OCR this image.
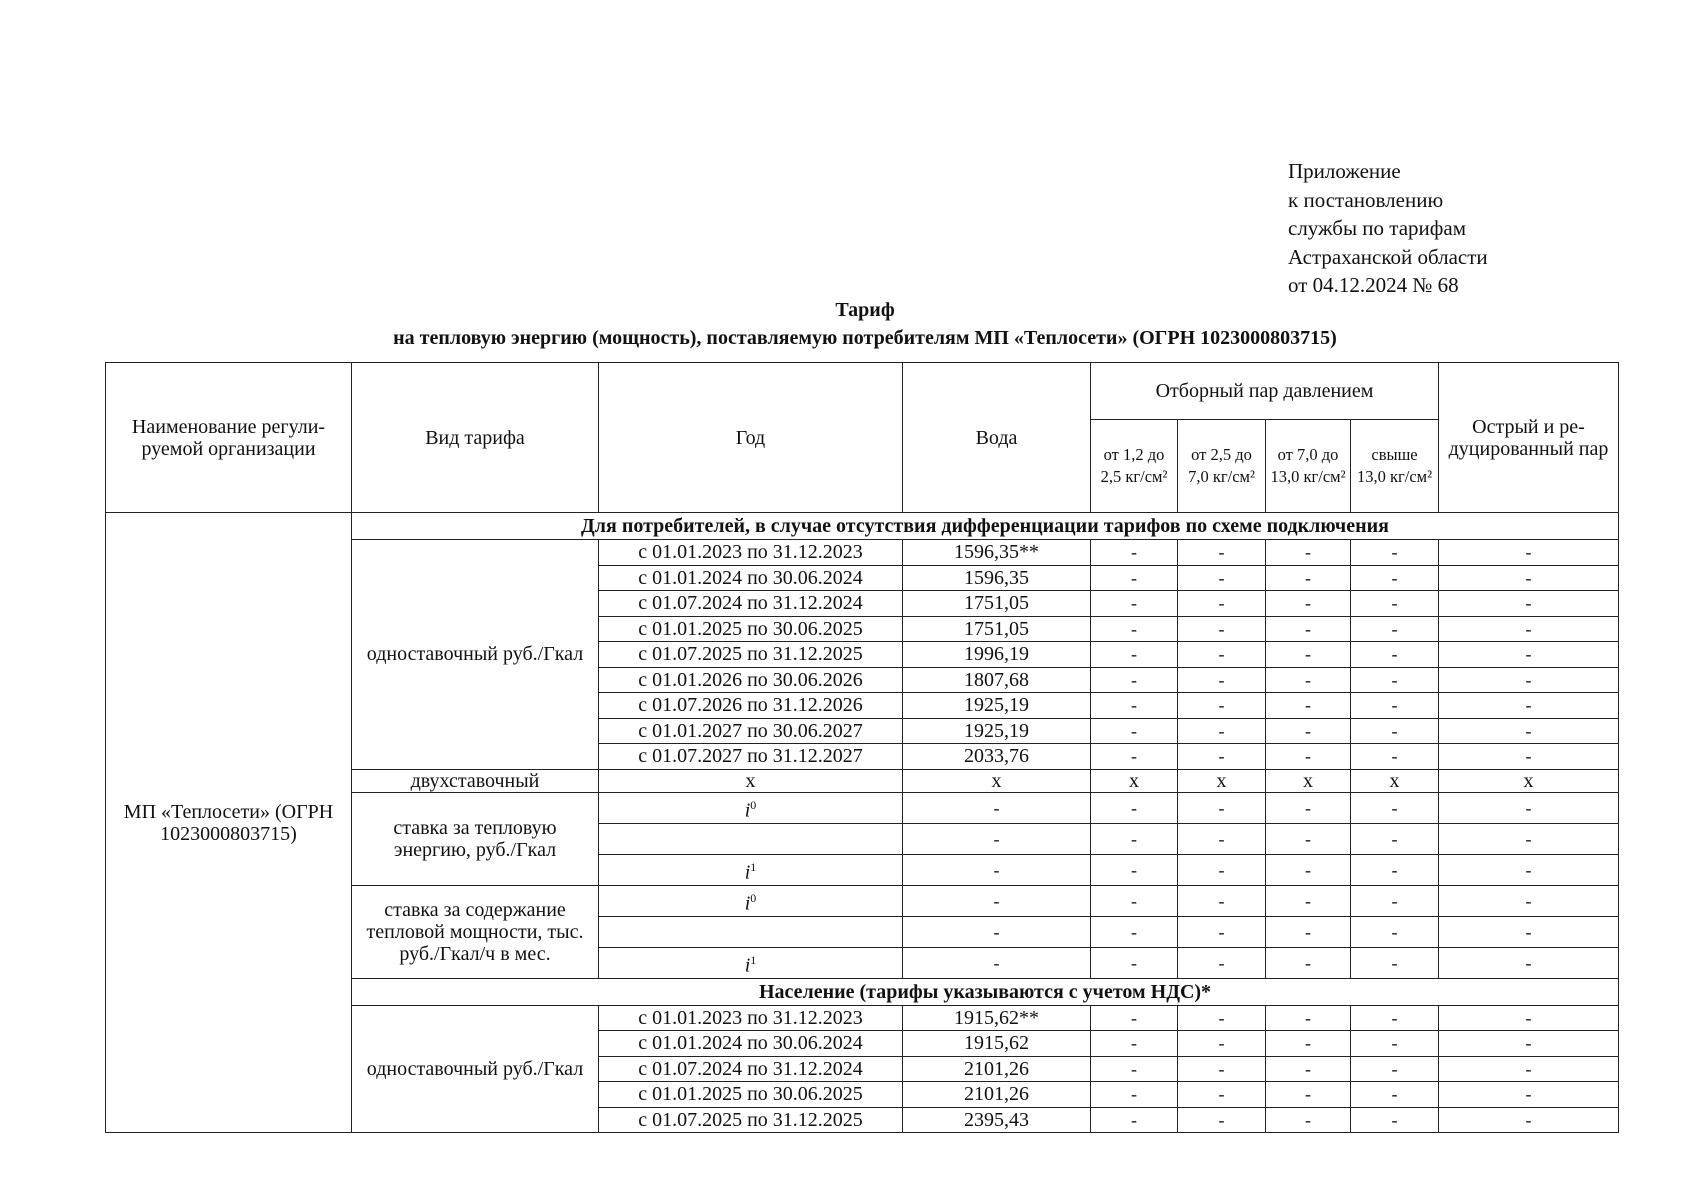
Приложение
к постановлению
службы по тарифам
Астраханской области
от 04.12.2024 № 68
Тариф
на тепловую энергию (мощность), поставляемую потребителям МП «Теплосети» (ОГРН 1023000803715)
Наименование регули-руемой организации	Вид тарифа	Год	Вода	Отборный пар давлением				Острый и ре-дуцированный пар
				от 1,2 до 2,5 кг/см²	от 2,5 до 7,0 кг/см²	от 7,0 до 13,0 кг/см²	свыше 13,0 кг/см²	
МП «Теплосети» (ОГРН 1023000803715)	Для потребителей, в случае отсутствия дифференциации тарифов по схеме подключения							
	одноставочный руб./Гкал	с 01.01.2023 по 31.12.2023	1596,35**	-	-	-	-	-
		с 01.01.2024 по 30.06.2024	1596,35	-	-	-	-	-
		с 01.07.2024 по 31.12.2024	1751,05	-	-	-	-	-
		с 01.01.2025 по 30.06.2025	1751,05	-	-	-	-	-
		с 01.07.2025 по 31.12.2025	1996,19	-	-	-	-	-
		с 01.01.2026 по 30.06.2026	1807,68	-	-	-	-	-
		с 01.07.2026 по 31.12.2026	1925,19	-	-	-	-	-
		с 01.01.2027 по 30.06.2027	1925,19	-	-	-	-	-
		с 01.07.2027 по 31.12.2027	2033,76	-	-	-	-	-
	двухставочный	х	х	х	х	х	х	х
	ставка за тепловую энергию, руб./Гкал	$i^0$	-	-	-	-	-	-
			-	-	-	-	-	-
		$i^1$	-	-	-	-	-	-
	ставка за содержание тепловой мощности, тыс. руб./Гкал/ч в мес.	$i^0$	-	-	-	-	-	-
			-	-	-	-	-	-
		$i^1$	-	-	-	-	-	-
	Население (тарифы указываются с учетом НДС)*							
	одноставочный руб./Гкал	с 01.01.2023 по 31.12.2023	1915,62**	-	-	-	-	-
		с 01.01.2024 по 30.06.2024	1915,62	-	-	-	-	-
		с 01.07.2024 по 31.12.2024	2101,26	-	-	-	-	-
		с 01.01.2025 по 30.06.2025	2101,26	-	-	-	-	-
		с 01.07.2025 по 31.12.2025	2395,43	-	-	-	-	-
